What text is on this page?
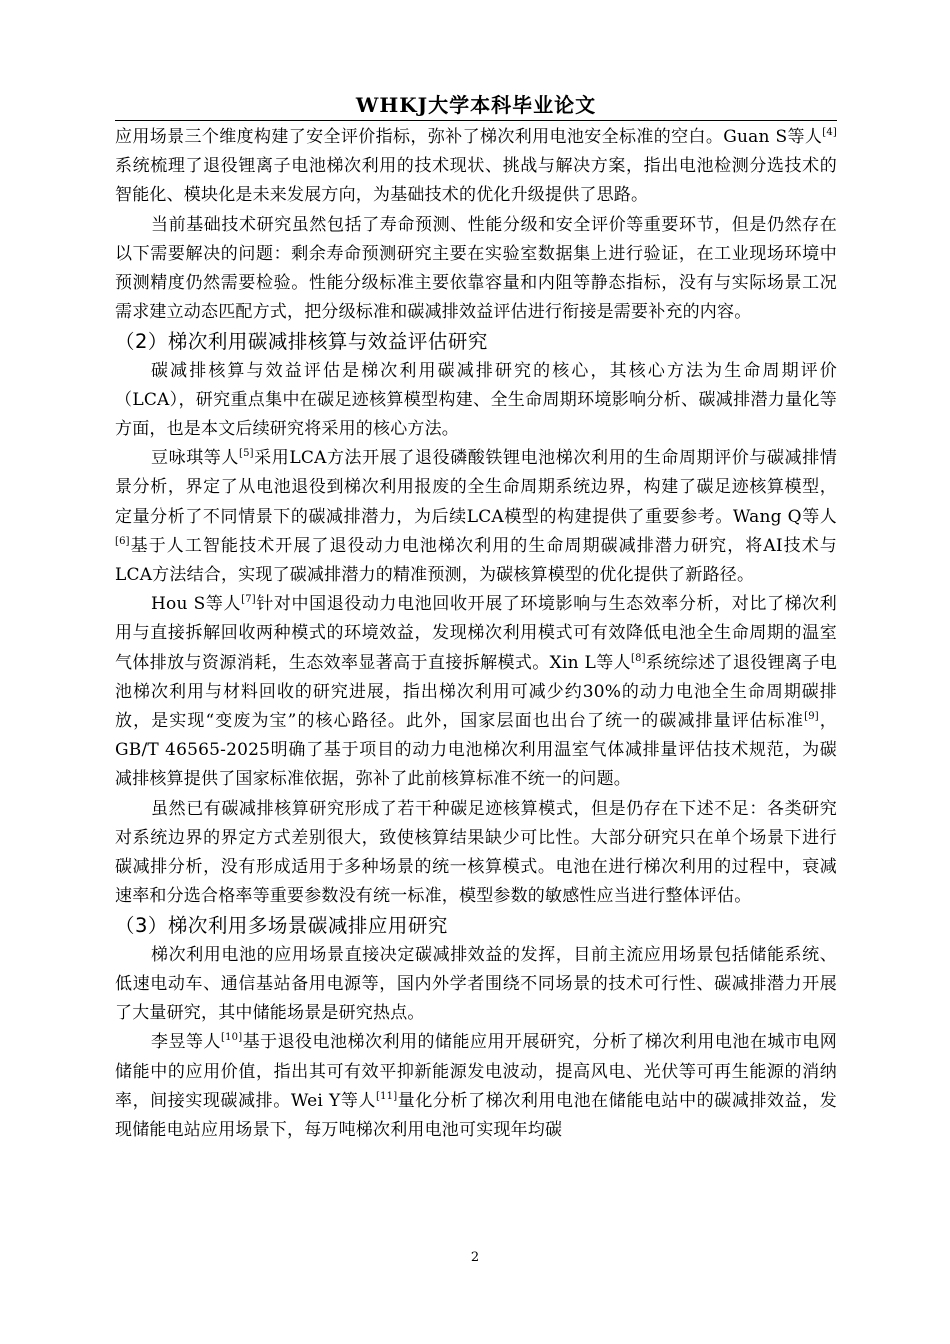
WHKJ大学本科毕业论文

应用场景三个维度构建了安全评价指标，弥补了梯次利用电池安全标准的空白。Guan S等人[4]系统梳理了退役锂离子电池梯次利用的技术现状、挑战与解决方案，指出电池检测分选技术的智能化、模块化是未来发展方向，为基础技术的优化升级提供了思路。

当前基础技术研究虽然包括了寿命预测、性能分级和安全评价等重要环节，但是仍然存在以下需要解决的问题：剩余寿命预测研究主要在实验室数据集上进行验证，在工业现场环境中预测精度仍然需要检验。性能分级标准主要依靠容量和内阻等静态指标，没有与实际场景工况需求建立动态匹配方式，把分级标准和碳减排效益评估进行衔接是需要补充的内容。

（2）梯次利用碳减排核算与效益评估研究

碳减排核算与效益评估是梯次利用碳减排研究的核心，其核心方法为生命周期评价（LCA），研究重点集中在碳足迹核算模型构建、全生命周期环境影响分析、碳减排潜力量化等方面，也是本文后续研究将采用的核心方法。

豆咏琪等人[5]采用LCA方法开展了退役磷酸铁锂电池梯次利用的生命周期评价与碳减排情景分析，界定了从电池退役到梯次利用报废的全生命周期系统边界，构建了碳足迹核算模型，定量分析了不同情景下的碳减排潜力，为后续LCA模型的构建提供了重要参考。Wang Q等人[6]基于人工智能技术开展了退役动力电池梯次利用的生命周期碳减排潜力研究，将AI技术与LCA方法结合，实现了碳减排潜力的精准预测，为碳核算模型的优化提供了新路径。

Hou S等人[7]针对中国退役动力电池回收开展了环境影响与生态效率分析，对比了梯次利用与直接拆解回收两种模式的环境效益，发现梯次利用模式可有效降低电池全生命周期的温室气体排放与资源消耗，生态效率显著高于直接拆解模式。Xin L等人[8]系统综述了退役锂离子电池梯次利用与材料回收的研究进展，指出梯次利用可减少约30%的动力电池全生命周期碳排放，是实现“变废为宝”的核心路径。此外，国家层面也出台了统一的碳减排量评估标准[9]，GB/T 46565-2025明确了基于项目的动力电池梯次利用温室气体减排量评估技术规范，为碳减排核算提供了国家标准依据，弥补了此前核算标准不统一的问题。

虽然已有碳减排核算研究形成了若干种碳足迹核算模式，但是仍存在下述不足：各类研究对系统边界的界定方式差别很大，致使核算结果缺少可比性。大部分研究只在单个场景下进行碳减排分析，没有形成适用于多种场景的统一核算模式。电池在进行梯次利用的过程中，衰减速率和分选合格率等重要参数没有统一标准，模型参数的敏感性应当进行整体评估。

（3）梯次利用多场景碳减排应用研究

梯次利用电池的应用场景直接决定碳减排效益的发挥，目前主流应用场景包括储能系统、低速电动车、通信基站备用电源等，国内外学者围绕不同场景的技术可行性、碳减排潜力开展了大量研究，其中储能场景是研究热点。

李昱等人[10]基于退役电池梯次利用的储能应用开展研究，分析了梯次利用电池在城市电网储能中的应用价值，指出其可有效平抑新能源发电波动，提高风电、光伏等可再生能源的消纳率，间接实现碳减排。Wei Y等人[11]量化分析了梯次利用电池在储能电站中的碳减排效益，发现储能电站应用场景下，每万吨梯次利用电池可实现年均碳

2
